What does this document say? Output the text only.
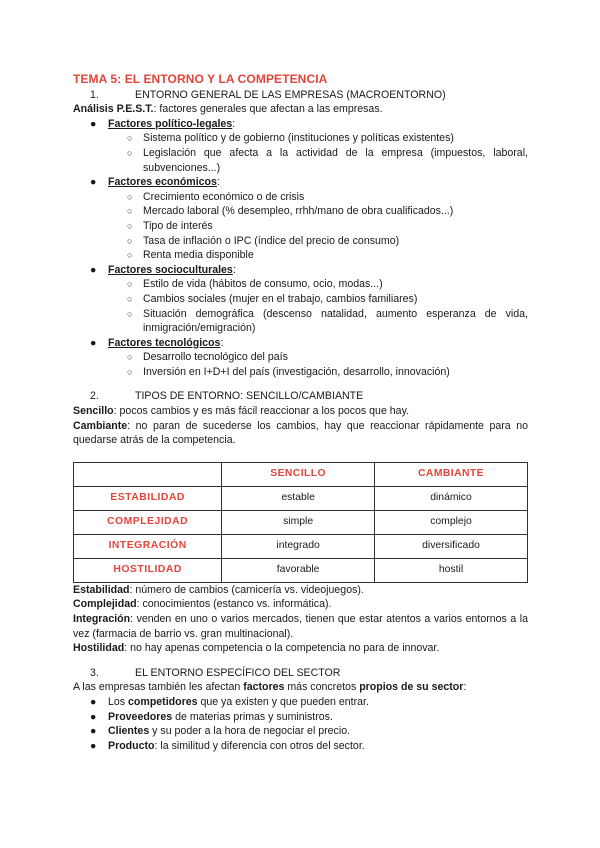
TEMA 5: EL ENTORNO Y LA COMPETENCIA

1.	ENTORNO GENERAL DE LAS EMPRESAS (MACROENTORNO)

Análisis P.E.S.T.: factores generales que afectan a las empresas.

● Factores político-legales:
○ Sistema político y de gobierno (instituciones y políticas existentes)
○ Legislación que afecta a la actividad de la empresa (impuestos, laboral, subvenciones...)
● Factores económicos:
○ Crecimiento económico o de crisis
○ Mercado laboral (% desempleo, rrhh/mano de obra cualificados...)
○ Tipo de interés
○ Tasa de inflación o IPC (índice del precio de consumo)
○ Renta media disponible
● Factores socioculturales:
○ Estilo de vida (hábitos de consumo, ocio, modas...)
○ Cambios sociales (mujer en el trabajo, cambios familiares)
○ Situación demográfica (descenso natalidad, aumento esperanza de vida, inmigración/emigración)
● Factores tecnológicos:
○ Desarrollo tecnológico del país
○ Inversión en I+D+I del país (investigación, desarrollo, innovación)

2.	TIPOS DE ENTORNO: SENCILLO/CAMBIANTE

Sencillo: pocos cambios y es más fácil reaccionar a los pocos que hay.

Cambiante: no paran de sucederse los cambios, hay que reaccionar rápidamente para no quedarse atrás de la competencia.

	SENCILLO	CAMBIANTE
ESTABILIDAD	estable	dinámico
COMPLEJIDAD	simple	complejo
INTEGRACIÓN	integrado	diversificado
HOSTILIDAD	favorable	hostil

Estabilidad: número de cambios (carnicería vs. videojuegos).

Complejidad: conocimientos (estanco vs. informática).

Integración: venden en uno o varios mercados, tienen que estar atentos a varios entornos a la vez (farmacia de barrio vs. gran multinacional).

Hostilidad: no hay apenas competencia o la competencia no para de innovar.

3.	EL ENTORNO ESPECÍFICO DEL SECTOR

A las empresas también les afectan factores más concretos propios de su sector:

● Los competidores que ya existen y que pueden entrar.
● Proveedores de materias primas y suministros.
● Clientes y su poder a la hora de negociar el precio.
● Producto: la similitud y diferencia con otros del sector.
